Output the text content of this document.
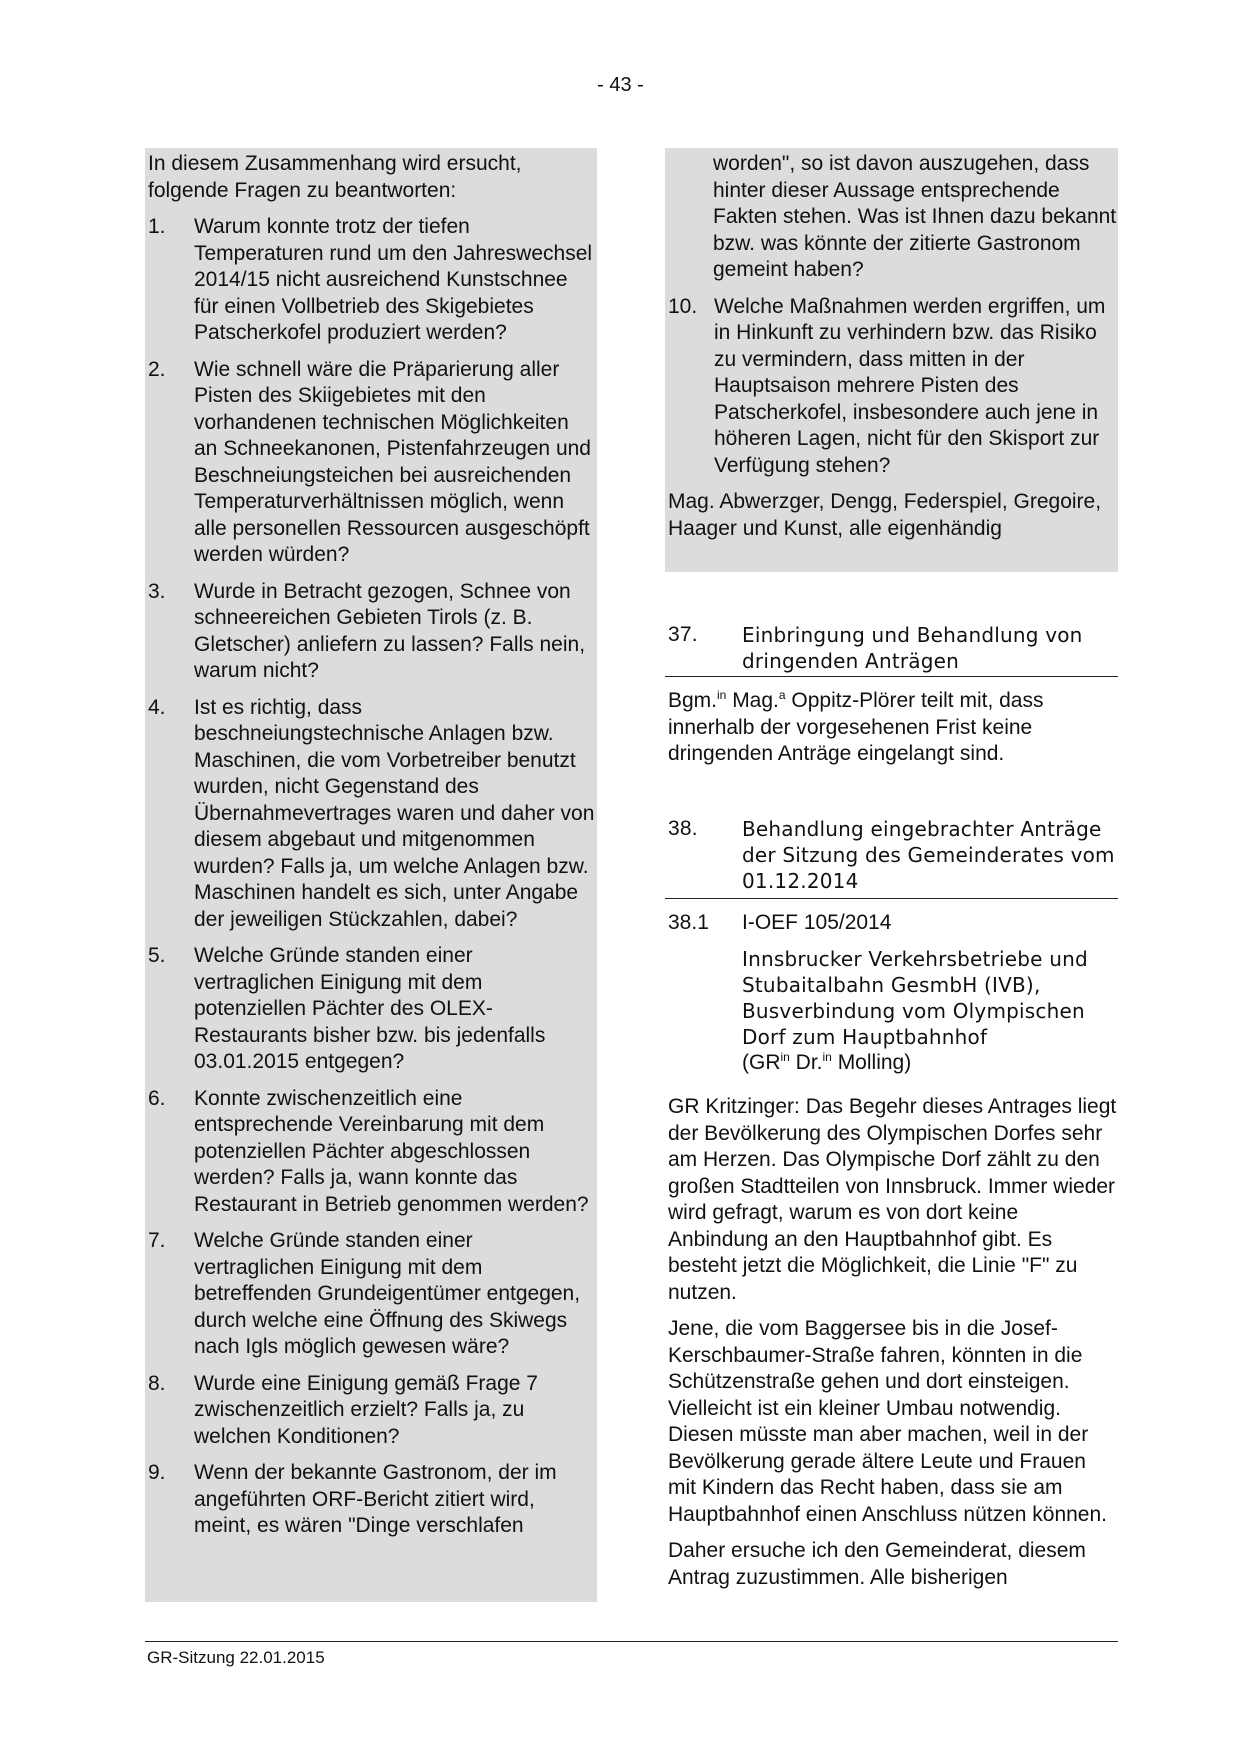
- 43 -

In diesem Zusammenhang wird ersucht, folgende Fragen zu beantworten:

1.	Warum konnte trotz der tiefen Temperaturen rund um den Jahreswechsel 2014/15 nicht ausreichend Kunstschnee für einen Vollbetrieb des Skigebietes Patscherkofel produziert werden?
2.	Wie schnell wäre die Präparierung aller Pisten des Skiigebietes mit den vorhandenen technischen Möglichkeiten an Schneekanonen, Pistenfahrzeugen und Beschneiungsteichen bei ausreichenden Temperaturverhältnissen möglich, wenn alle personellen Ressourcen ausgeschöpft werden würden?
3.	Wurde in Betracht gezogen, Schnee von schneereichen Gebieten Tirols (z. B. Gletscher) anliefern zu lassen? Falls nein, warum nicht?
4.	Ist es richtig, dass beschneiungstechnische Anlagen bzw. Maschinen, die vom Vorbetreiber benutzt wurden, nicht Gegenstand des Übernahmevertrages waren und daher von diesem abgebaut und mitgenommen wurden? Falls ja, um welche Anlagen bzw. Maschinen handelt es sich, unter Angabe der jeweiligen Stückzahlen, dabei?
5.	Welche Gründe standen einer vertraglichen Einigung mit dem potenziellen Pächter des OLEX-Restaurants bisher bzw. bis jedenfalls 03.01.2015 entgegen?
6.	Konnte zwischenzeitlich eine entsprechende Vereinbarung mit dem potenziellen Pächter abgeschlossen werden? Falls ja, wann konnte das Restaurant in Betrieb genommen werden?
7.	Welche Gründe standen einer vertraglichen Einigung mit dem betreffenden Grundeigentümer entgegen, durch welche eine Öffnung des Skiwegs nach Igls möglich gewesen wäre?
8.	Wurde eine Einigung gemäß Frage 7 zwischenzeitlich erzielt? Falls ja, zu welchen Konditionen?
9.	Wenn der bekannte Gastronom, der im angeführten ORF-Bericht zitiert wird, meint, es wären "Dinge verschlafen
worden", so ist davon auszugehen, dass hinter dieser Aussage entsprechende Fakten stehen. Was ist Ihnen dazu bekannt bzw. was könnte der zitierte Gastronom gemeint haben?
10. Welche Maßnahmen werden ergriffen, um in Hinkunft zu verhindern bzw. das Risiko zu vermindern, dass mitten in der Hauptsaison mehrere Pisten des Patscherkofel, insbesondere auch jene in höheren Lagen, nicht für den Skisport zur Verfügung stehen?

Mag. Abwerzger, Dengg, Federspiel, Gregoire, Haager und Kunst, alle eigenhändig

37.	Einbringung und Behandlung von dringenden Anträgen

Bgm.$^{in}$ Mag.$^a$ Oppitz-Plörer teilt mit, dass innerhalb der vorgesehenen Frist keine dringenden Anträge eingelangt sind.

38.	Behandlung eingebrachter Anträge der Sitzung des Gemeinderates vom 01.12.2014
38.1	I-OEF 105/2014
Innsbrucker Verkehrsbetriebe und Stubaitalbahn GesmbH (IVB), Busverbindung vom Olympischen Dorf zum Hauptbahnhof
($GR^{in}$ Dr.$^{in}$ Molling)

GR Kritzinger: Das Begehr dieses Antrages liegt der Bevölkerung des Olympischen Dorfes sehr am Herzen. Das Olympische Dorf zählt zu den großen Stadtteilen von Innsbruck. Immer wieder wird gefragt, warum es von dort keine Anbindung an den Hauptbahnhof gibt. Es besteht jetzt die Möglichkeit, die Linie "F" zu nutzen.

Jene, die vom Baggersee bis in die Josef-Kerschbaumer-Straße fahren, könnten in die Schützenstraße gehen und dort einsteigen. Vielleicht ist ein kleiner Umbau notwendig. Diesen müsste man aber machen, weil in der Bevölkerung gerade ältere Leute und Frauen mit Kindern das Recht haben, dass sie am Hauptbahnhof einen Anschluss nützen können.

Daher ersuche ich den Gemeinderat, diesem Antrag zuzustimmen. Alle bisherigen

GR-Sitzung 22.01.2015
